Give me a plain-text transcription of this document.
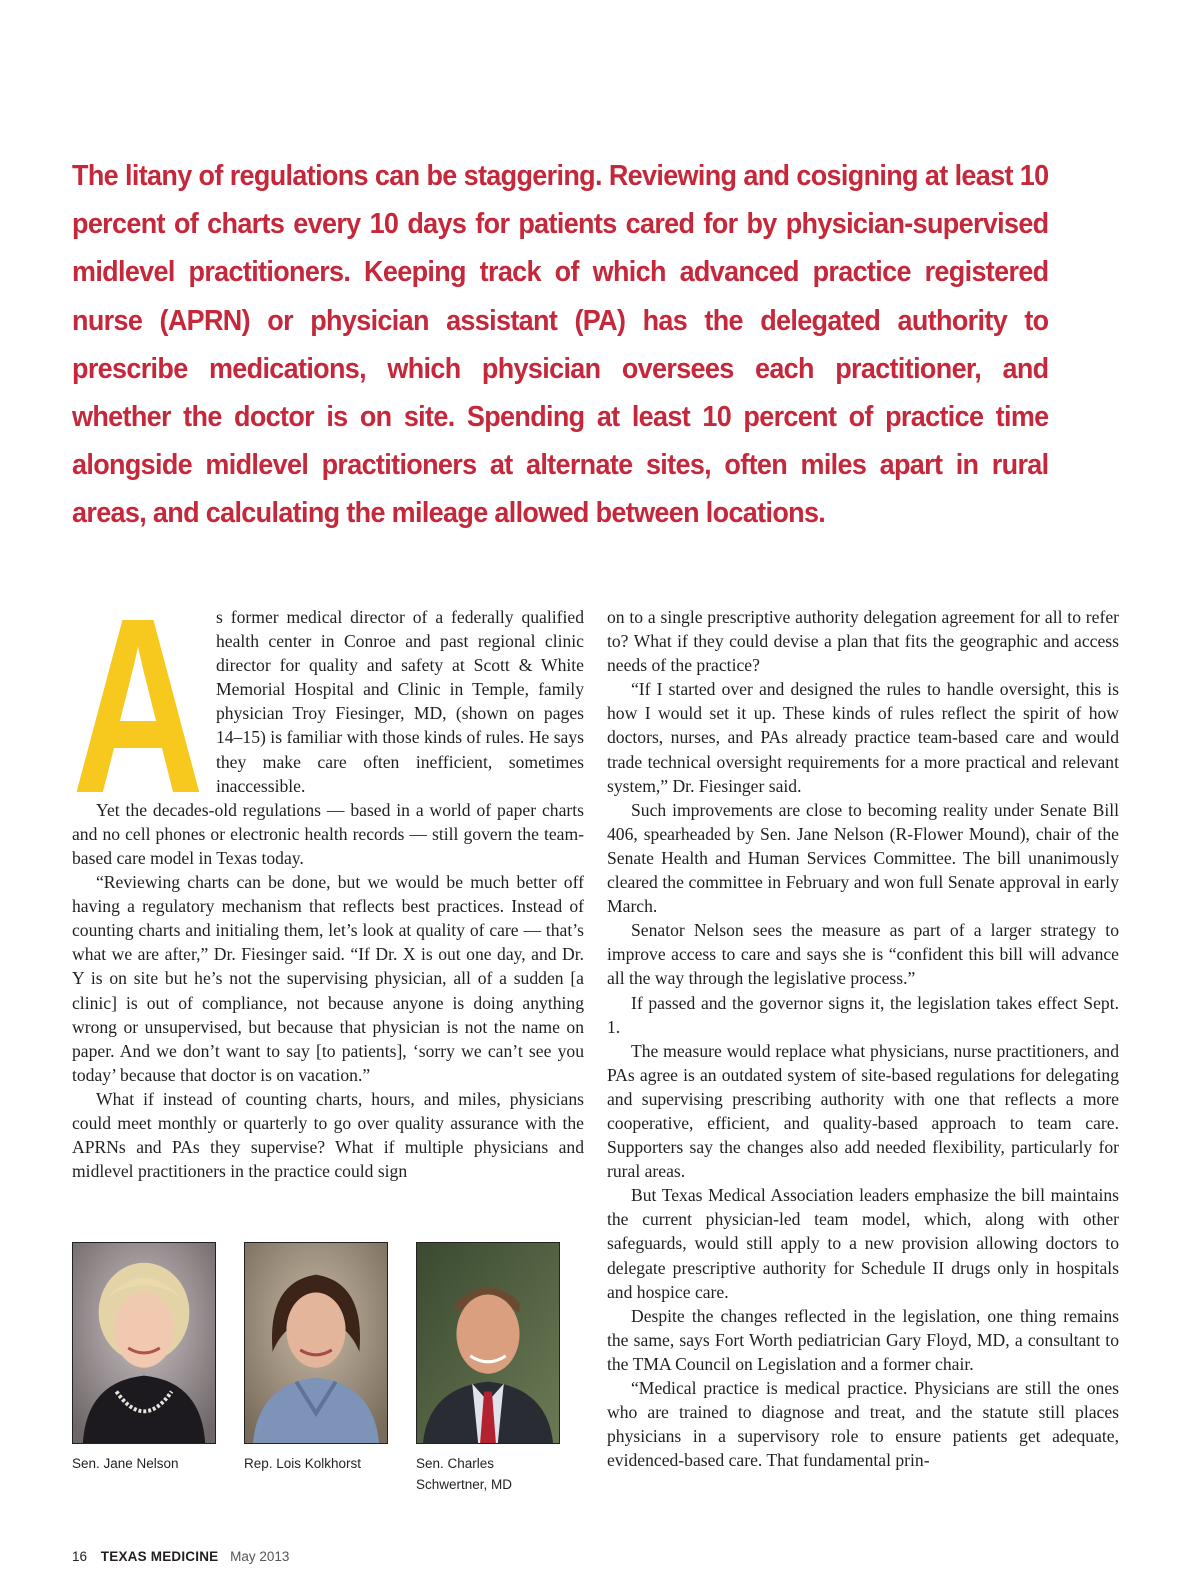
The litany of regulations can be staggering. Reviewing and cosigning at least 10 percent of charts every 10 days for patients cared for by physician-supervised midlevel practitioners. Keeping track of which advanced practice registered nurse (APRN) or physician assistant (PA) has the delegated authority to prescribe medications, which physician oversees each practitioner, and whether the doctor is on site. Spending at least 10 percent of practice time alongside midlevel practitioners at alternate sites, often miles apart in rural areas, and calculating the mileage allowed between locations.
A s former medical director of a federally qualified health center in Conroe and past regional clinic director for quality and safety at Scott & White Memorial Hospital and Clinic in Temple, family physician Troy Fiesinger, MD, (shown on pages 14–15) is familiar with those kinds of rules. He says they make care often inefficient, sometimes inaccessible.

Yet the decades-old regulations — based in a world of paper charts and no cell phones or electronic health records — still govern the team-based care model in Texas today.

“Reviewing charts can be done, but we would be much better off having a regulatory mechanism that reflects best practices. Instead of counting charts and initialing them, let’s look at quality of care — that’s what we are after,” Dr. Fiesinger said. “If Dr. X is out one day, and Dr. Y is on site but he’s not the supervising physician, all of a sudden [a clinic] is out of compliance, not because anyone is doing anything wrong or unsupervised, but because that physician is not the name on paper. And we don’t want to say [to patients], ‘sorry we can’t see you today’ because that doctor is on vacation.”

What if instead of counting charts, hours, and miles, physicians could meet monthly or quarterly to go over quality assurance with the APRNs and PAs they supervise? What if multiple physicians and midlevel practitioners in the practice could sign

on to a single prescriptive authority delegation agreement for all to refer to? What if they could devise a plan that fits the geographic and access needs of the practice?

“If I started over and designed the rules to handle oversight, this is how I would set it up. These kinds of rules reflect the spirit of how doctors, nurses, and PAs already practice team-based care and would trade technical oversight requirements for a more practical and relevant system,” Dr. Fiesinger said.

Such improvements are close to becoming reality under Senate Bill 406, spearheaded by Sen. Jane Nelson (R-Flower Mound), chair of the Senate Health and Human Services Committee. The bill unanimously cleared the committee in February and won full Senate approval in early March.

Senator Nelson sees the measure as part of a larger strategy to improve access to care and says she is “confident this bill will advance all the way through the legislative process.”

If passed and the governor signs it, the legislation takes effect Sept. 1.

The measure would replace what physicians, nurse practitioners, and PAs agree is an outdated system of site-based regulations for delegating and supervising prescribing authority with one that reflects a more cooperative, efficient, and quality-based approach to team care. Supporters say the changes also add needed flexibility, particularly for rural areas.

But Texas Medical Association leaders emphasize the bill maintains the current physician-led team model, which, along with other safeguards, would still apply to a new provision allowing doctors to delegate prescriptive authority for Schedule II drugs only in hospitals and hospice care.

Despite the changes reflected in the legislation, one thing remains the same, says Fort Worth pediatrician Gary Floyd, MD, a consultant to the TMA Council on Legislation and a former chair.

“Medical practice is medical practice. Physicians are still the ones who are trained to diagnose and treat, and the statute still places physicians in a supervisory role to ensure patients get adequate, evidenced-based care. That fundamental prin-

Sen. Jane Nelson	Rep. Lois Kolkhorst	Sen. Charles
Schwertner, MD
16 TEXAS MEDICINE May 2013
